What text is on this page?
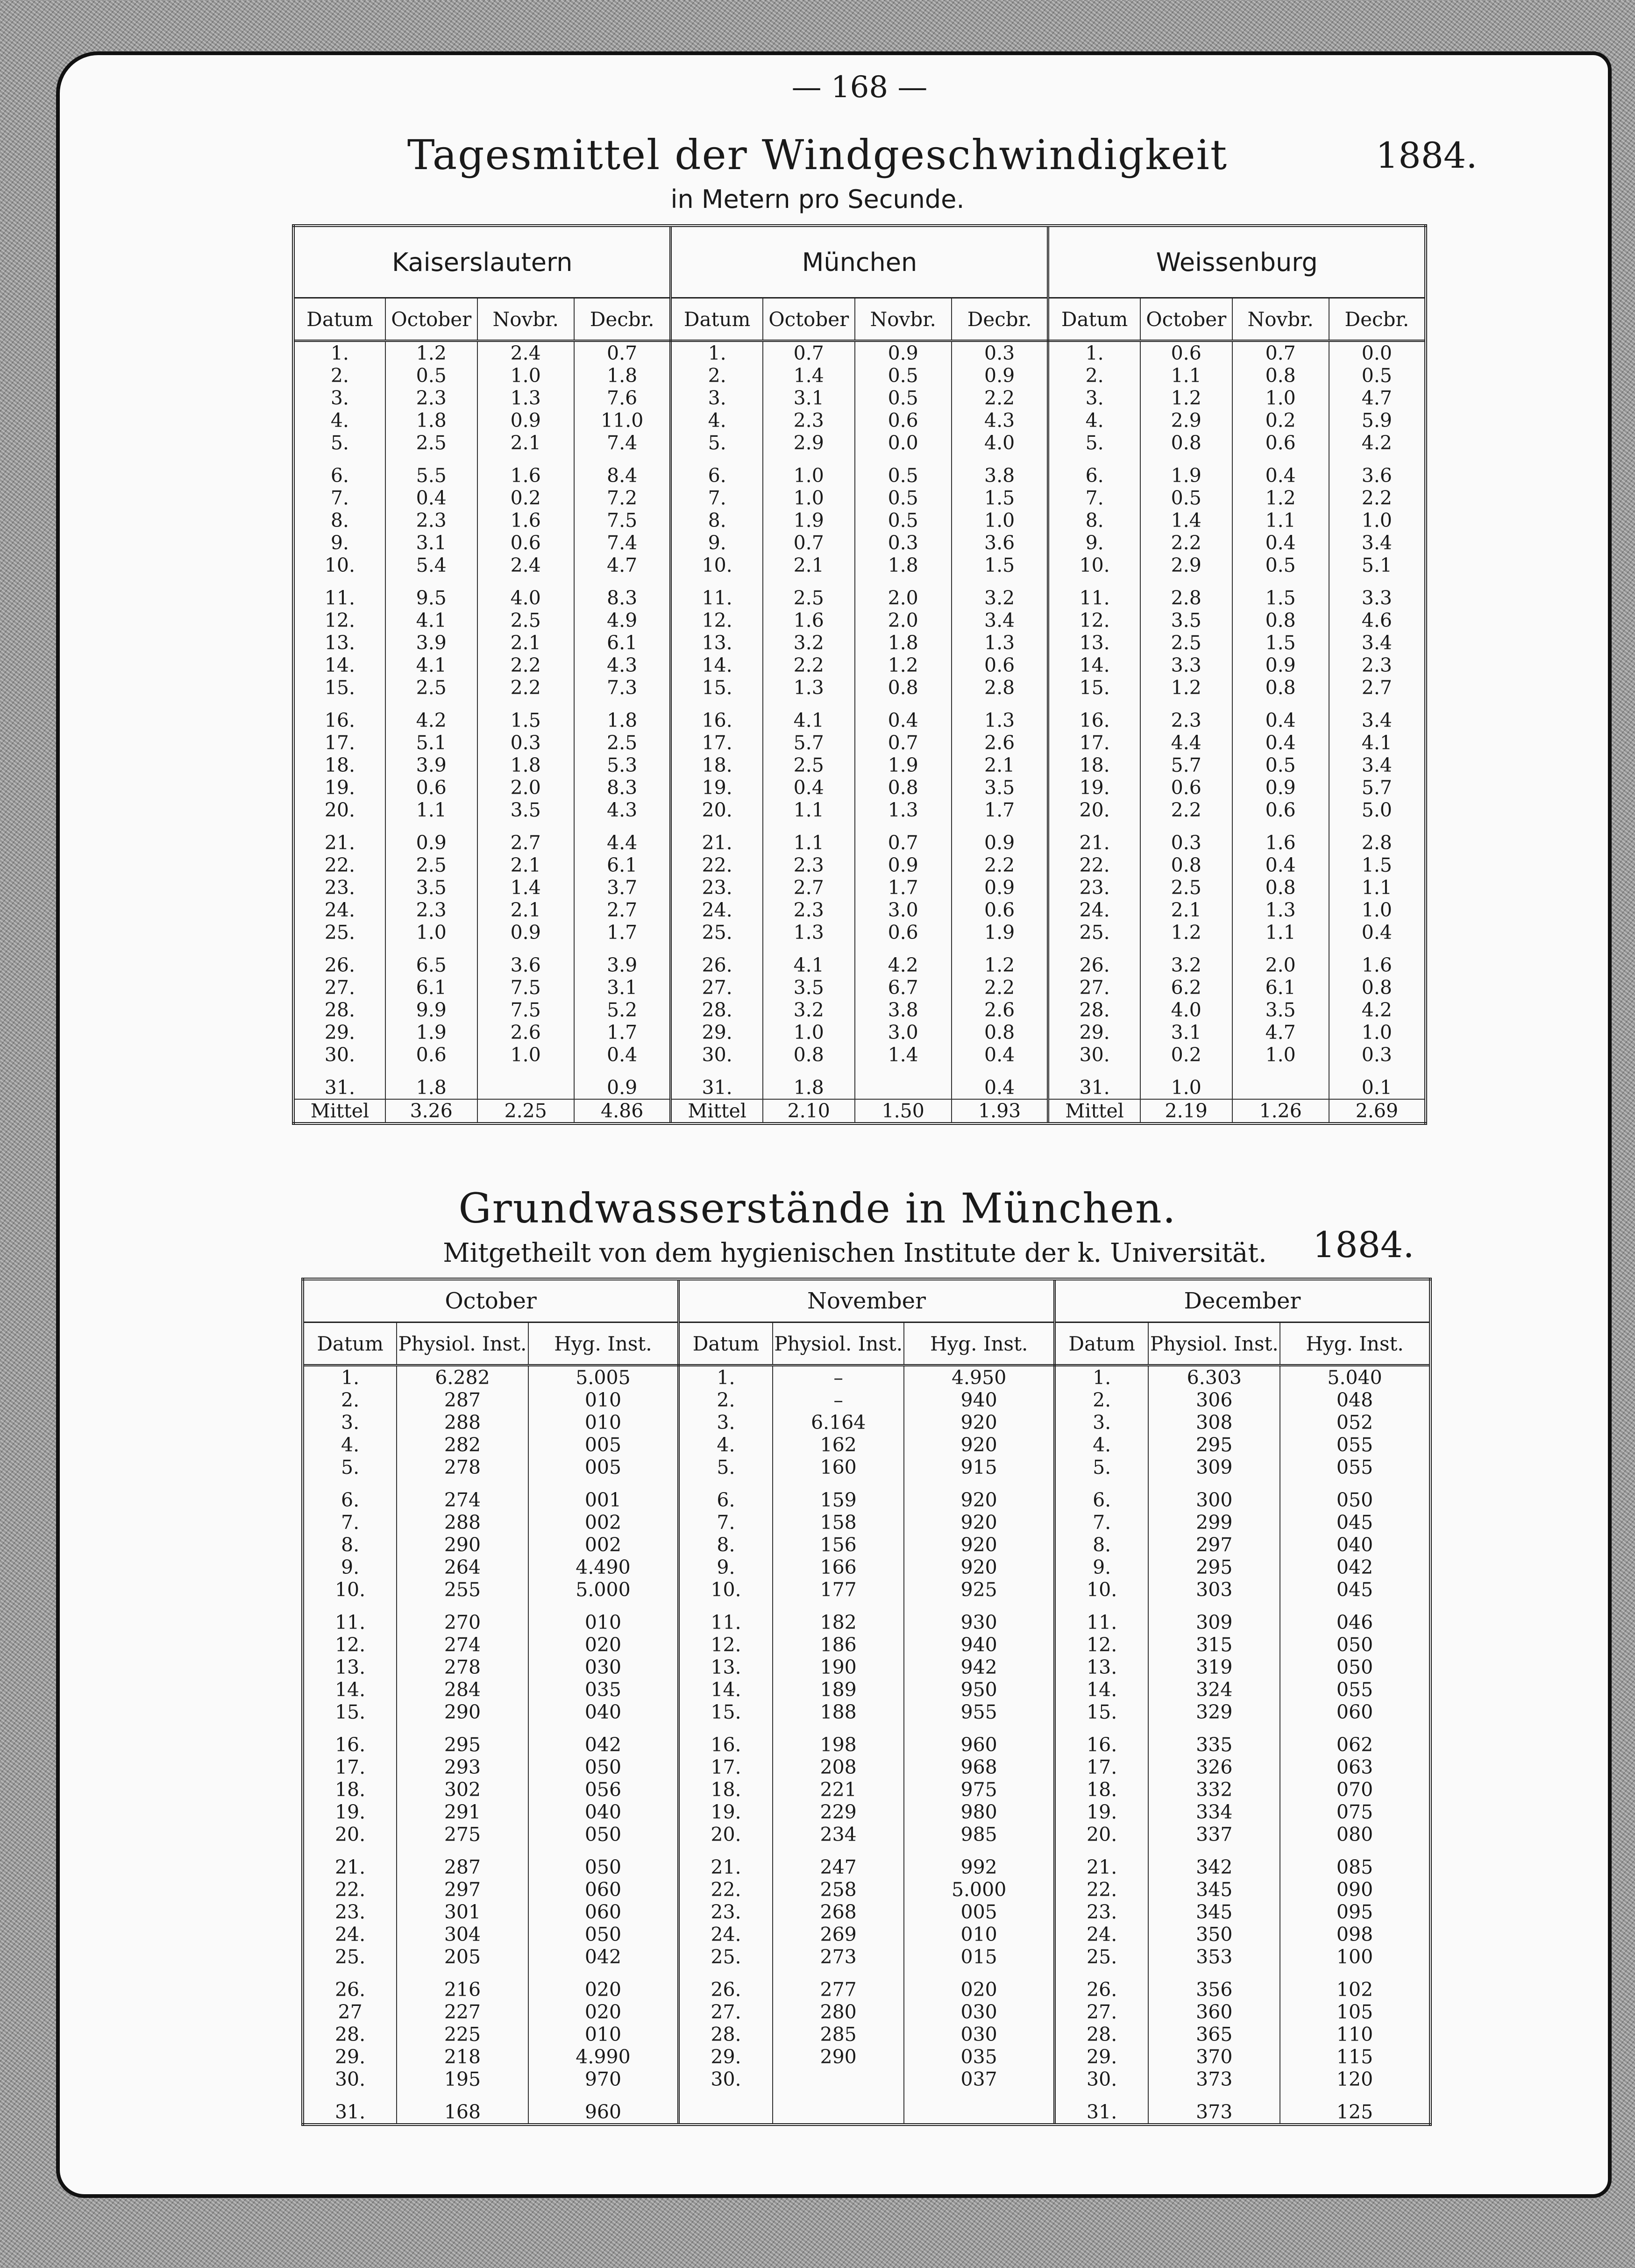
— 168 —
Tagesmittel der Windgeschwindigkeit	1884.
in Metern pro Secunde.
Kaiserslautern				München				Weissenburg			
Datum	October	Novbr.	Decbr.	Datum	October	Novbr.	Decbr.	Datum	October	Novbr.	Decbr.
1.	1.2	2.4	0.7	1.	0.7	0.9	0.3	1.	0.6	0.7	0.0
2.	0.5	1.0	1.8	2.	1.4	0.5	0.9	2.	1.1	0.8	0.5
3.	2.3	1.3	7.6	3.	3.1	0.5	2.2	3.	1.2	1.0	4.7
4.	1.8	0.9	11.0	4.	2.3	0.6	4.3	4.	2.9	0.2	5.9
5.	2.5	2.1	7.4	5.	2.9	0.0	4.0	5.	0.8	0.6	4.2

6.	5.5	1.6	8.4	6.	1.0	0.5	3.8	6.	1.9	0.4	3.6
7.	0.4	0.2	7.2	7.	1.0	0.5	1.5	7.	0.5	1.2	2.2
8.	2.3	1.6	7.5	8.	1.9	0.5	1.0	8.	1.4	1.1	1.0
9.	3.1	0.6	7.4	9.	0.7	0.3	3.6	9.	2.2	0.4	3.4
10.	5.4	2.4	4.7	10.	2.1	1.8	1.5	10.	2.9	0.5	5.1

11.	9.5	4.0	8.3	11.	2.5	2.0	3.2	11.	2.8	1.5	3.3
12.	4.1	2.5	4.9	12.	1.6	2.0	3.4	12.	3.5	0.8	4.6
13.	3.9	2.1	6.1	13.	3.2	1.8	1.3	13.	2.5	1.5	3.4
14.	4.1	2.2	4.3	14.	2.2	1.2	0.6	14.	3.3	0.9	2.3
15.	2.5	2.2	7.3	15.	1.3	0.8	2.8	15.	1.2	0.8	2.7

16.	4.2	1.5	1.8	16.	4.1	0.4	1.3	16.	2.3	0.4	3.4
17.	5.1	0.3	2.5	17.	5.7	0.7	2.6	17.	4.4	0.4	4.1
18.	3.9	1.8	5.3	18.	2.5	1.9	2.1	18.	5.7	0.5	3.4
19.	0.6	2.0	8.3	19.	0.4	0.8	3.5	19.	0.6	0.9	5.7
20.	1.1	3.5	4.3	20.	1.1	1.3	1.7	20.	2.2	0.6	5.0

21.	0.9	2.7	4.4	21.	1.1	0.7	0.9	21.	0.3	1.6	2.8
22.	2.5	2.1	6.1	22.	2.3	0.9	2.2	22.	0.8	0.4	1.5
23.	3.5	1.4	3.7	23.	2.7	1.7	0.9	23.	2.5	0.8	1.1
24.	2.3	2.1	2.7	24.	2.3	3.0	0.6	24.	2.1	1.3	1.0
25.	1.0	0.9	1.7	25.	1.3	0.6	1.9	25.	1.2	1.1	0.4

26.	6.5	3.6	3.9	26.	4.1	4.2	1.2	26.	3.2	2.0	1.6
27.	6.1	7.5	3.1	27.	3.5	6.7	2.2	27.	6.2	6.1	0.8
28.	9.9	7.5	5.2	28.	3.2	3.8	2.6	28.	4.0	3.5	4.2
29.	1.9	2.6	1.7	29.	1.0	3.0	0.8	29.	3.1	4.7	1.0
30.	0.6	1.0	0.4	30.	0.8	1.4	0.4	30.	0.2	1.0	0.3

31.	1.8		0.9	31.	1.8		0.4	31.	1.0		0.1
Mittel	3.26	2.25	4.86	Mittel	2.10	1.50	1.93	Mittel	2.19	1.26	2.69
Grundwasserstände in München.
1884.
Mitgetheilt von dem hygienischen Institute der k. Universität.
October			November			December		
Datum	Physiol. Inst.	Hyg. Inst.	Datum	Physiol. Inst.	Hyg. Inst.	Datum	Physiol. Inst.	Hyg. Inst.
1.	6.282	5.005	1.	–	4.950	1.	6.303	5.040
2.	287	010	2.	–	940	2.	306	048
3.	288	010	3.	6.164	920	3.	308	052
4.	282	005	4.	162	920	4.	295	055
5.	278	005	5.	160	915	5.	309	055

6.	274	001	6.	159	920	6.	300	050
7.	288	002	7.	158	920	7.	299	045
8.	290	002	8.	156	920	8.	297	040
9.	264	4.490	9.	166	920	9.	295	042
10.	255	5.000	10.	177	925	10.	303	045

11.	270	010	11.	182	930	11.	309	046
12.	274	020	12.	186	940	12.	315	050
13.	278	030	13.	190	942	13.	319	050
14.	284	035	14.	189	950	14.	324	055
15.	290	040	15.	188	955	15.	329	060

16.	295	042	16.	198	960	16.	335	062
17.	293	050	17.	208	968	17.	326	063
18.	302	056	18.	221	975	18.	332	070
19.	291	040	19.	229	980	19.	334	075
20.	275	050	20.	234	985	20.	337	080

21.	287	050	21.	247	992	21.	342	085
22.	297	060	22.	258	5.000	22.	345	090
23.	301	060	23.	268	005	23.	345	095
24.	304	050	24.	269	010	24.	350	098
25.	205	042	25.	273	015	25.	353	100

26.	216	020	26.	277	020	26.	356	102
27	227	020	27.	280	030	27.	360	105
28.	225	010	28.	285	030	28.	365	110
29.	218	4.990	29.	290	035	29.	370	115
30.	195	970	30.		037	30.	373	120

31.	168	960				31.	373	125
